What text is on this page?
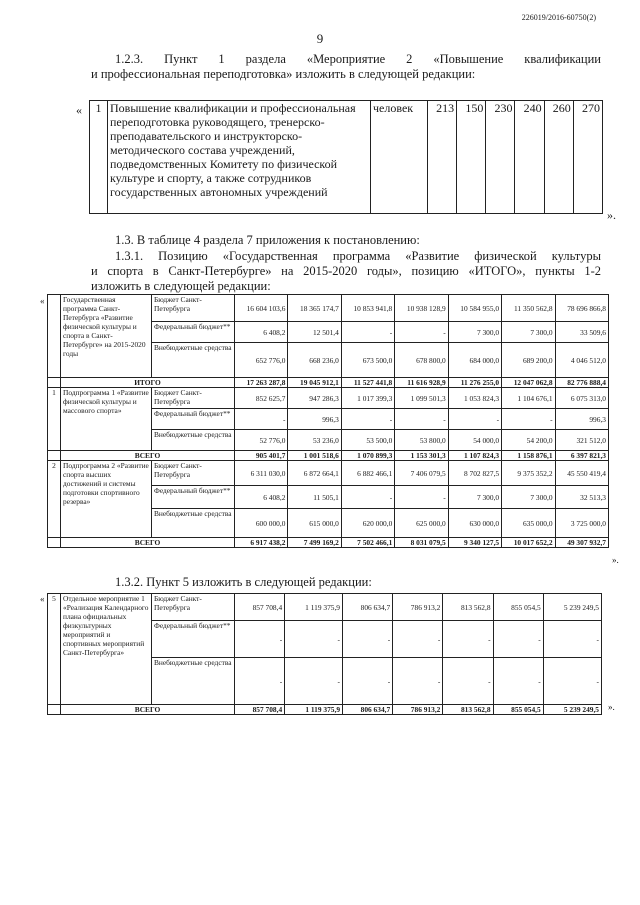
226019/2016-60750(2)
9
1.2.3. Пункт 1 раздела «Мероприятие 2 «Повышение квалификации
и профессиональная переподготовка» изложить в следующей редакции:
« 1	Повышение квалификации и профессиональная переподготовка руководящего, тренерско-преподавательского и инструкторско-методического состава учреждений, подведомственных Комитету по физической культуре и спорту, а также сотрудников государственных автономных учреждений	человек	213	150	230	240	260	270
».
1.3. В таблице 4 раздела 7 приложения к постановлению:
1.3.1. Позицию «Государственная программа «Развитие физической культуры
и спорта в Санкт-Петербурге» на 2015-2020 годы», позицию «ИТОГО», пункты 1-2
изложить в следующей редакции:
«
		Государственная программа Санкт-Петербурга «Развитие физической культуры и спорта в Санкт-Петербурге» на 2015-2020 годы	Бюджет Санкт-Петербурга	16 604 103,6	18 365 174,7	10 853 941,8	10 938 128,9	10 584 955,0	11 350 562,8	78 696 866,8
		Федеральный бюджет**	6 408,2	12 501,4	-	-	7 300,0	7 300,0	33 509,6
		Внебюджетные средства	652 776,0	668 236,0	673 500,0	678 800,0	684 000,0	689 200,0	4 046 512,0
	ИТОГО		17 263 287,8	19 045 912,1	11 527 441,8	11 616 928,9	11 276 255,0	12 047 062,8	82 776 888,4
1	Подпрограмма 1 «Развитие физической культуры и массового спорта»	Бюджет Санкт-Петербурга	852 625,7	947 286,3	1 017 399,3	1 099 501,3	1 053 824,3	1 104 676,1	6 075 313,0
		Федеральный бюджет**	-	996,3	-	-	-	-	996,3
		Внебюджетные средства	52 776,0	53 236,0	53 500,0	53 800,0	54 000,0	54 200,0	321 512,0
	ВСЕГО		905 401,7	1 001 518,6	1 070 899,3	1 153 301,3	1 107 824,3	1 158 876,1	6 397 821,3
2	Подпрограмма 2 «Развитие спорта высших достижений и системы подготовки спортивного резерва»	Бюджет Санкт-Петербурга	6 311 030,0	6 872 664,1	6 882 466,1	7 406 079,5	8 702 827,5	9 375 352,2	45 550 419,4
		Федеральный бюджет**	6 408,2	11 505,1	-	-	7 300,0	7 300,0	32 513,3
		Внебюджетные средства	600 000,0	615 000,0	620 000,0	625 000,0	630 000,0	635 000,0	3 725 000,0
	ВСЕГО		6 917 438,2	7 499 169,2	7 502 466,1	8 031 079,5	9 340 127,5	10 017 652,2	49 307 932,7
».
1.3.2. Пункт 5 изложить в следующей редакции:
« 5	Отдельное мероприятие 1 «Реализация Календарного плана официальных физкультурных мероприятий и спортивных мероприятий Санкт-Петербурга»	Бюджет Санкт-Петербурга	857 708,4	1 119 375,9	806 634,7	786 913,2	813 562,8	855 054,5	5 239 249,5
		Федеральный бюджет**	-	-	-	-	-	-	-
		Внебюджетные средства	-	-	-	-	-	-	-
	ВСЕГО		857 708,4	1 119 375,9	806 634,7	786 913,2	813 562,8	855 054,5	5 239 249,5 ».
